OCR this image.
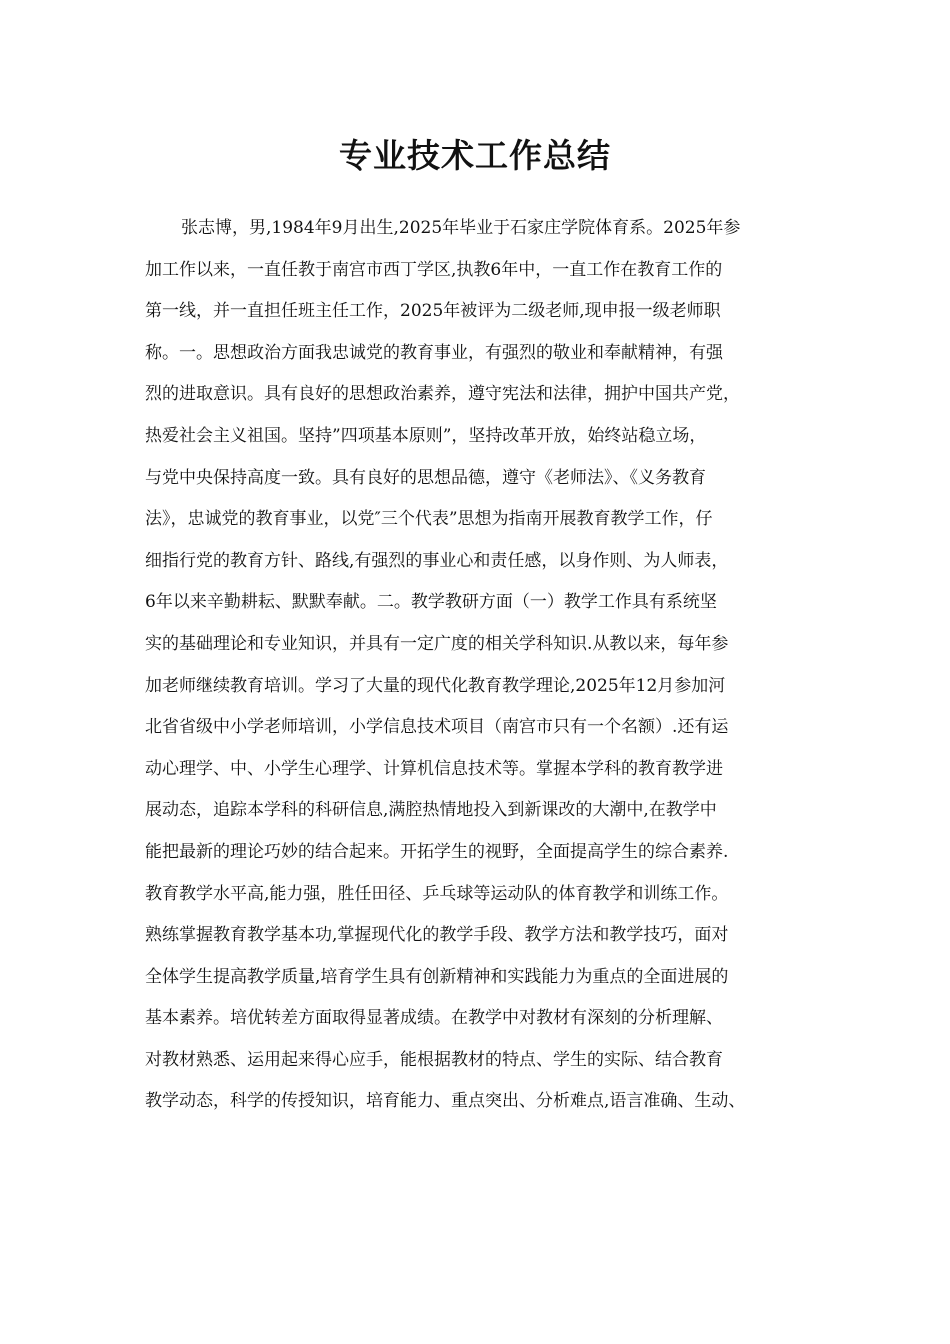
专业技术工作总结
张志博，男,1984年9月出生,2025年毕业于石家庄学院体育系。2025年参
加工作以来，一直任教于南宫市西丁学区,执教6年中，一直工作在教育工作的
第一线，并一直担任班主任工作，2025年被评为二级老师,现申报一级老师职
称。一。思想政治方面我忠诚党的教育事业，有强烈的敬业和奉献精神，有强
烈的进取意识。具有良好的思想政治素养，遵守宪法和法律，拥护中国共产党，
热爱社会主义祖国。坚持”四项基本原则”，坚持改革开放，始终站稳立场，
与党中央保持高度一致。具有良好的思想品德，遵守《老师法》、《义务教育
法》，忠诚党的教育事业，以党″三个代表”思想为指南开展教育教学工作，仔
细指行党的教育方针、路线,有强烈的事业心和责任感，以身作则、为人师表，
6年以来辛勤耕耘、默默奉献。二。教学教研方面（一）教学工作具有系统坚
实的基础理论和专业知识，并具有一定广度的相关学科知识.从教以来，每年参
加老师继续教育培训。学习了大量的现代化教育教学理论,2025年12月参加河
北省省级中小学老师培训，小学信息技术项目（南宫市只有一个名额）.还有运
动心理学、中、小学生心理学、计算机信息技术等。掌握本学科的教育教学进
展动态，追踪本学科的科研信息,满腔热情地投入到新课改的大潮中,在教学中
能把最新的理论巧妙的结合起来。开拓学生的视野，全面提高学生的综合素养.
教育教学水平高,能力强，胜任田径、乒乓球等运动队的体育教学和训练工作。
熟练掌握教育教学基本功,掌握现代化的教学手段、教学方法和教学技巧，面对
全体学生提高教学质量,培育学生具有创新精神和实践能力为重点的全面进展的
基本素养。培优转差方面取得显著成绩。在教学中对教材有深刻的分析理解、
对教材熟悉、运用起来得心应手，能根据教材的特点、学生的实际、结合教育
教学动态，科学的传授知识，培育能力、重点突出、分析难点,语言准确、生动、
